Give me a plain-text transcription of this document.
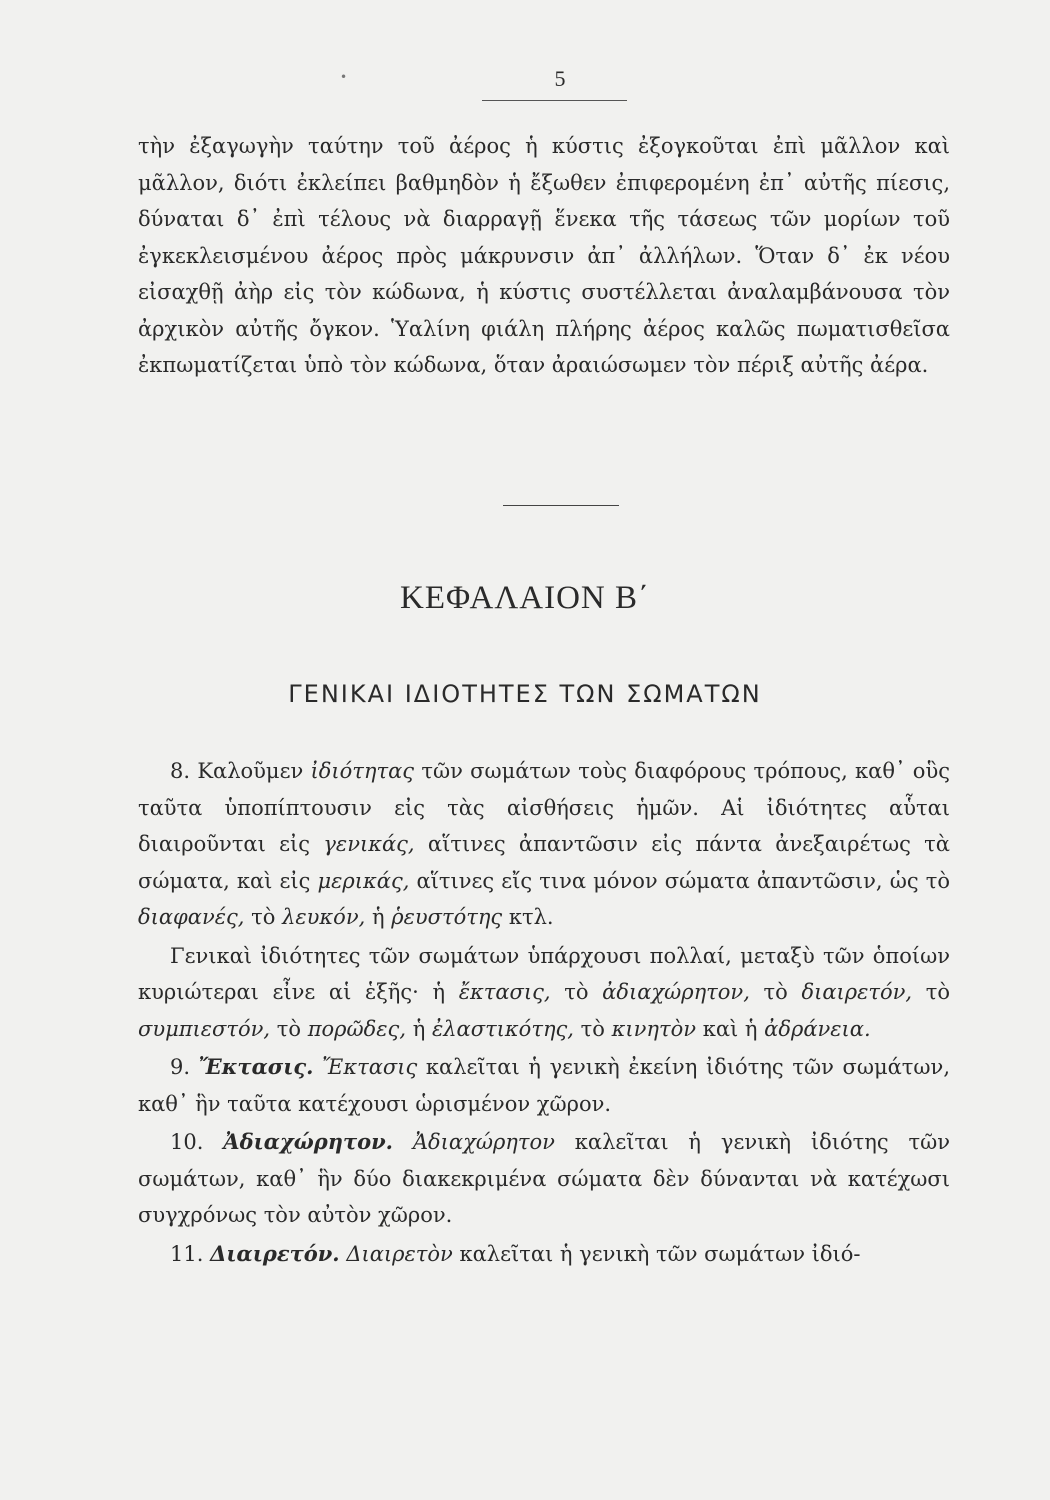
5

τὴν ἐξαγωγὴν ταύτην τοῦ ἀέρος ἡ κύστις ἐξογκοῦται ἐπὶ μᾶλλον καὶ μᾶλλον, διότι ἐκλείπει βαθμηδὸν ἡ ἔξωθεν ἐπιφερομένη ἐπ᾽ αὐτῆς πίεσις, δύναται δ᾽ ἐπὶ τέλους νὰ διαρραγῇ ἕνεκα τῆς τάσεως τῶν μορίων τοῦ ἐγκεκλεισμένου ἀέρος πρὸς μάκρυνσιν ἀπ᾽ ἀλλήλων. Ὅταν δ᾽ ἐκ νέου εἰσαχθῇ ἀὴρ εἰς τὸν κώδωνα, ἡ κύστις συστέλλεται ἀναλαμβάνουσα τὸν ἀρχικὸν αὐτῆς ὄγκον. Ὑαλίνη φιάλη πλήρης ἀέρος καλῶς πωματισθεῖσα ἐκπωματίζεται ὑπὸ τὸν κώδωνα, ὅταν ἀραιώσωμεν τὸν πέριξ αὐτῆς ἀέρα.

ΚΕΦΑΛΑΙΟΝ Β΄
ΓΕΝΙΚΑΙ ΙΔΙΟΤΗΤΕΣ ΤΩΝ ΣΩΜΑΤΩΝ

8. Καλοῦμεν ἰδιότητας τῶν σωμάτων τοὺς διαφόρους τρόπους, καθ᾽ οὓς ταῦτα ὑποπίπτουσιν εἰς τὰς αἰσθήσεις ἡμῶν. Αἱ ἰδιότητες αὗται διαιροῦνται εἰς γενικάς, αἵτινες ἀπαντῶσιν εἰς πάντα ἀνεξαιρέτως τὰ σώματα, καὶ εἰς μερικάς, αἵτινες εἴς τινα μόνον σώματα ἀπαντῶσιν, ὡς τὸ διαφανές, τὸ λευκόν, ἡ ῥευστότης κτλ.

Γενικαὶ ἰδιότητες τῶν σωμάτων ὑπάρχουσι πολλαί, μεταξὺ τῶν ὁποίων κυριώτεραι εἶνε αἱ ἑξῆς· ἡ ἔκτασις, τὸ ἀδιαχώρητον, τὸ διαιρετόν, τὸ συμπιεστόν, τὸ πορῶδες, ἡ ἐλαστικότης, τὸ κινητὸν καὶ ἡ ἀδράνεια.

9. Ἔκτασις. Ἔκτασις καλεῖται ἡ γενικὴ ἐκείνη ἰδιότης τῶν σωμάτων, καθ᾽ ἣν ταῦτα κατέχουσι ὡρισμένον χῶρον.

10. Ἀδιαχώρητον. Ἀδιαχώρητον καλεῖται ἡ γενικὴ ἰδιότης τῶν σωμάτων, καθ᾽ ἣν δύο διακεκριμένα σώματα δὲν δύνανται νὰ κατέχωσι συγχρόνως τὸν αὐτὸν χῶρον.

11. Διαιρετόν. Διαιρετὸν καλεῖται ἡ γενικὴ τῶν σωμάτων ἰδιό-

•
